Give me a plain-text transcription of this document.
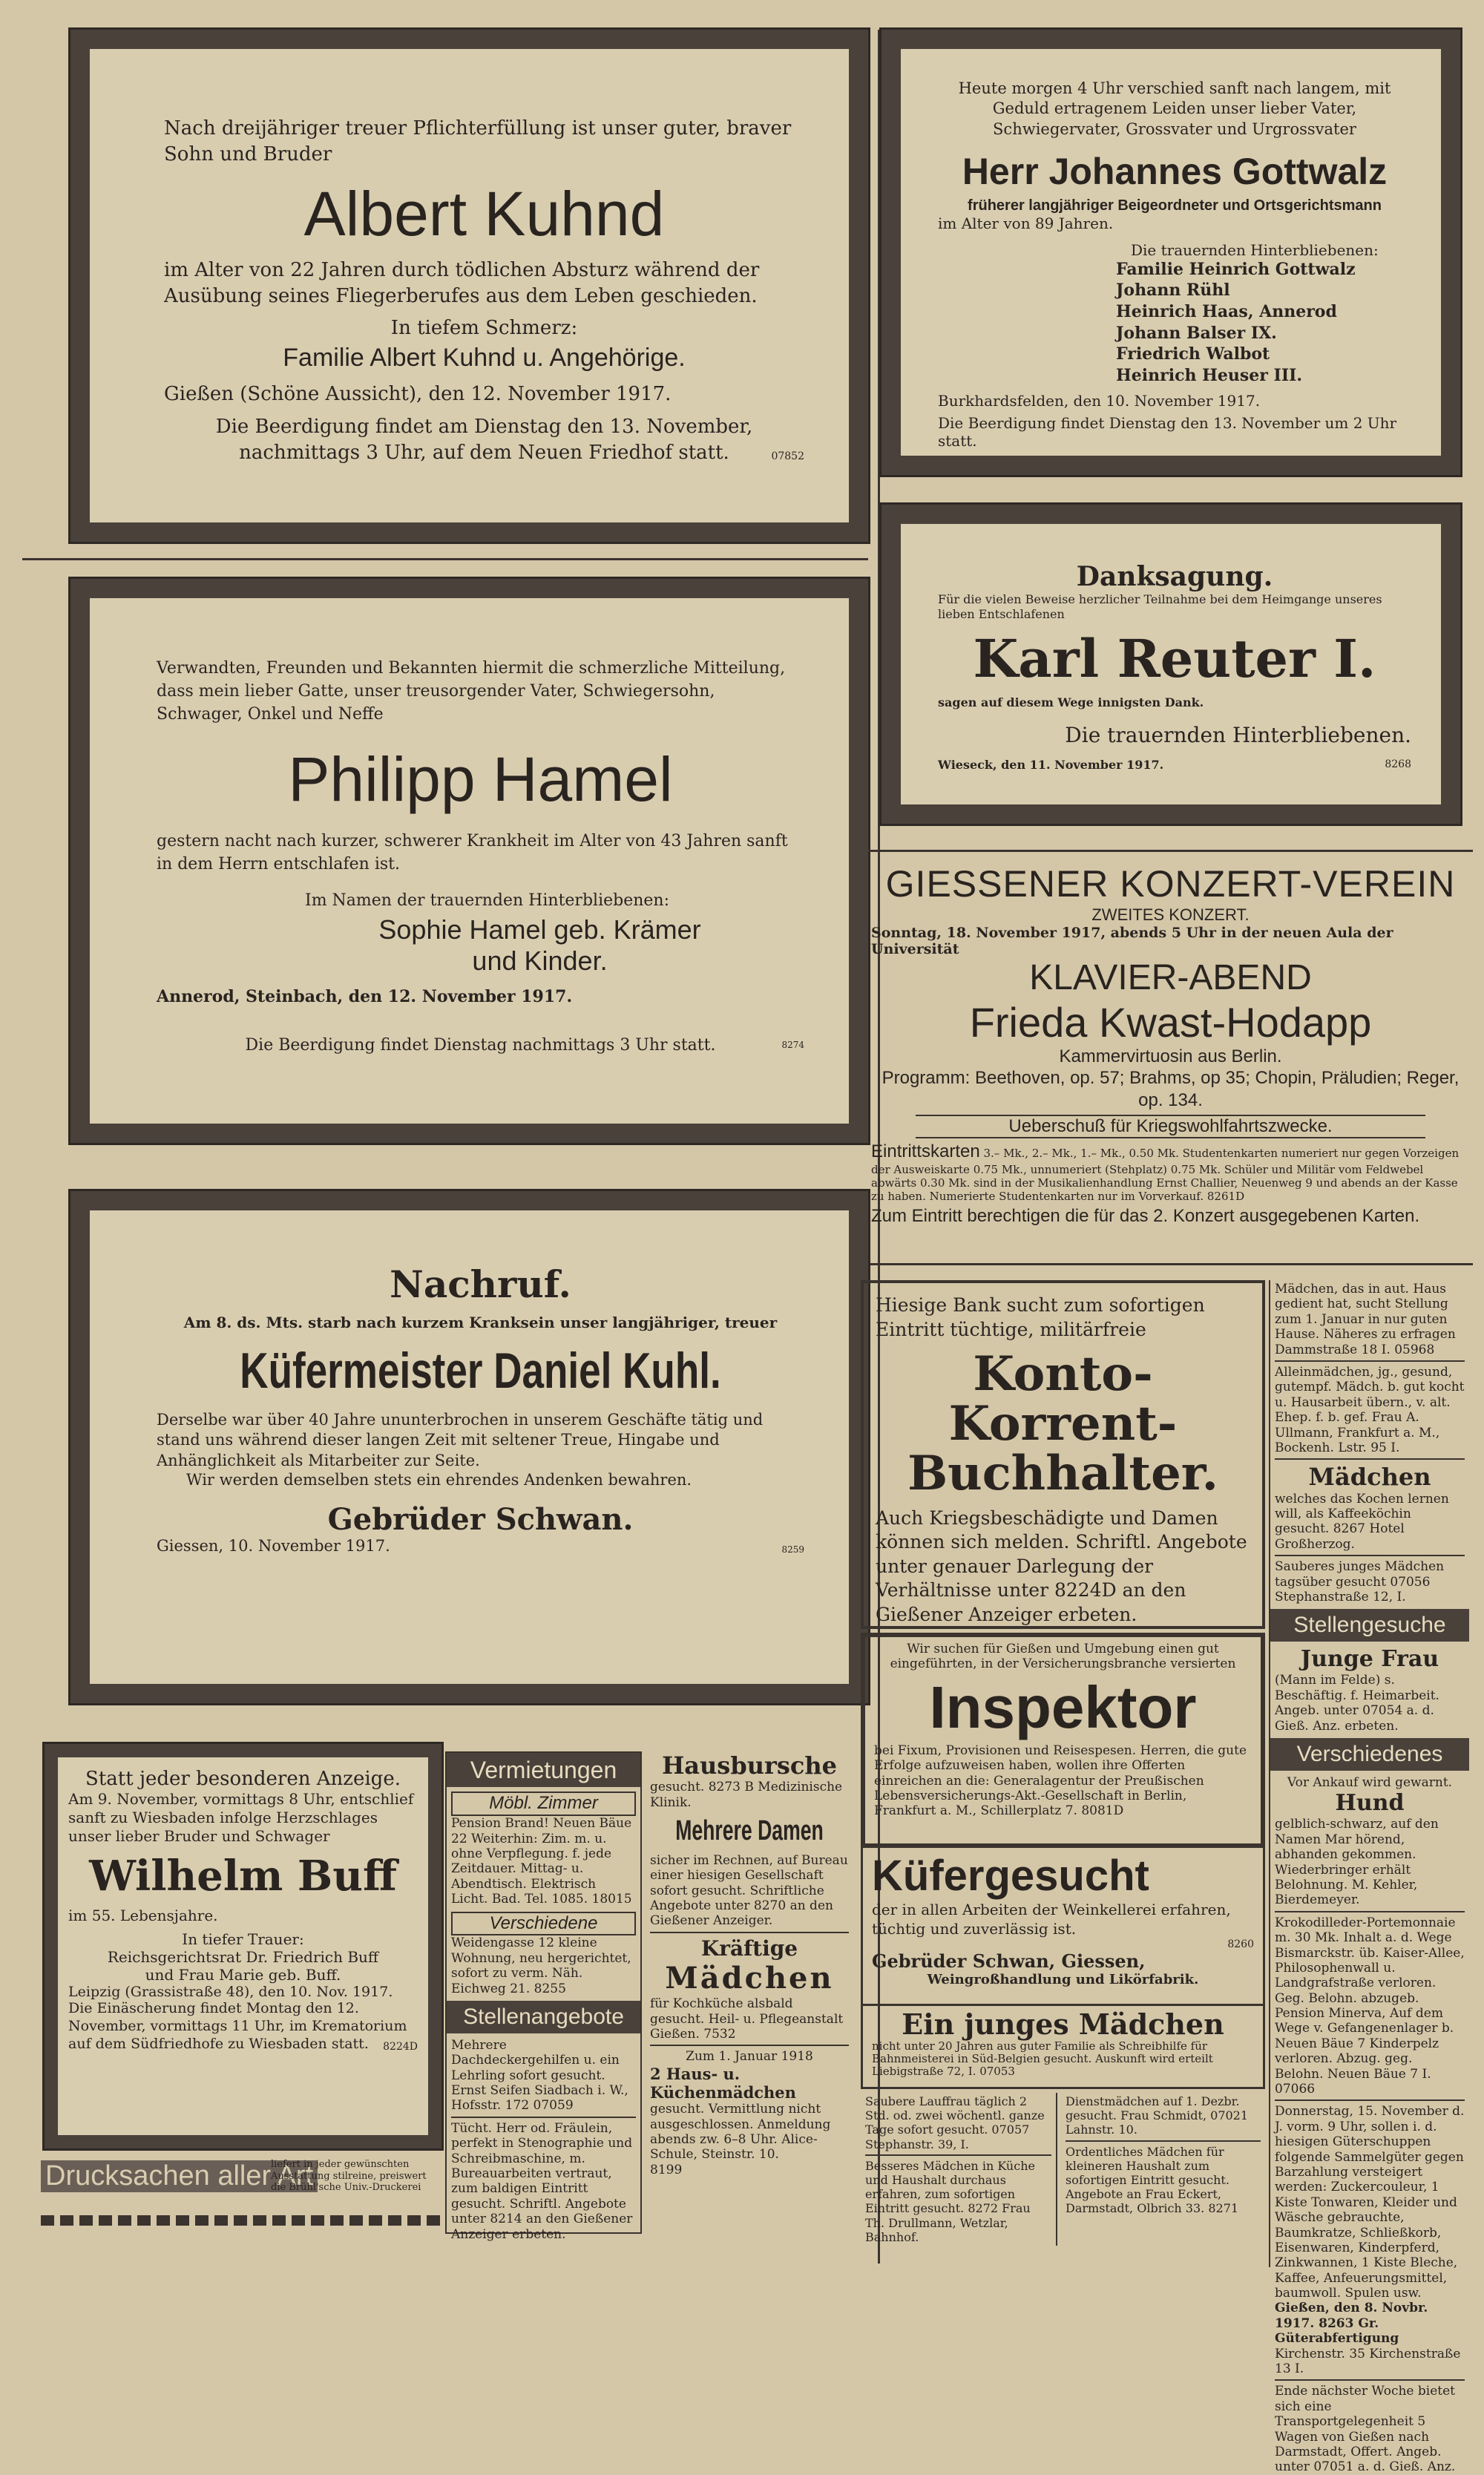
Nach dreijähriger treuer Pflichterfüllung ist unser guter, braver Sohn und Bruder

Albert Kuhnd

im Alter von 22 Jahren durch tödlichen Absturz während der Ausübung seines Fliegerberufes aus dem Leben geschieden.

In tiefem Schmerz:

Familie Albert Kuhnd u. Angehörige.

Gießen (Schöne Aussicht), den 12. November 1917.

Die Beerdigung findet am Dienstag den 13. November, nachmittags 3 Uhr, auf dem Neuen Friedhof statt.	07852

Heute morgen 4 Uhr verschied sanft nach langem, mit Geduld ertragenem Leiden unser lieber Vater, Schwiegervater, Grossvater und Urgrossvater

Herr Johannes Gottwalz

früherer langjähriger Beigeordneter und Ortsgerichtsmann

im Alter von 89 Jahren.

Die trauernden Hinterbliebenen:

Familie Heinrich Gottwalz

Johann Rühl

Heinrich Haas, Annerod

Johann Balser IX.

Friedrich Walbot

Heinrich Heuser III.

Burkhardsfelden, den 10. November 1917.

Die Beerdigung findet Dienstag den 13. November um 2 Uhr statt.

Verwandten, Freunden und Bekannten hiermit die schmerzliche Mitteilung, dass mein lieber Gatte, unser treusorgender Vater, Schwiegersohn, Schwager, Onkel und Neffe

Philipp Hamel

gestern nacht nach kurzer, schwerer Krankheit im Alter von 43 Jahren sanft in dem Herrn entschlafen ist.

Im Namen der trauernden Hinterbliebenen:

Sophie Hamel geb. Krämer

und Kinder.

Annerod, Steinbach, den 12. November 1917.

Die Beerdigung findet Dienstag nachmittags 3 Uhr statt.	8274

Danksagung.

Für die vielen Beweise herzlicher Teilnahme bei dem Heimgange unseres lieben Entschlafenen

Karl Reuter I.

sagen auf diesem Wege innigsten Dank.

Die trauernden Hinterbliebenen.

Wieseck, den 11. November 1917.	8268

GIESSENER KONZERT-VEREIN

ZWEITES KONZERT.

Sonntag, 18. November 1917, abends 5 Uhr in der neuen Aula der Universität

KLAVIER-ABEND

Frieda Kwast-Hodapp

Kammervirtuosin aus Berlin.

Programm: Beethoven, op. 57; Brahms, op 35; Chopin, Präludien; Reger, op. 134.

Ueberschuß für Kriegswohlfahrtszwecke.

Eintrittskarten 3.– Mk., 2.– Mk., 1.– Mk., 0.50 Mk. Studentenkarten numeriert nur gegen Vorzeigen der Ausweiskarte 0.75 Mk., unnumeriert (Stehplatz) 0.75 Mk. Schüler und Militär vom Feldwebel abwärts 0.30 Mk. sind in der Musikalienhandlung Ernst Challier, Neuenweg 9 und abends an der Kasse zu haben. Numerierte Studentenkarten nur im Vorverkauf. 8261D

Zum Eintritt berechtigen die für das 2. Konzert ausgegebenen Karten.

Nachruf.

Am 8. ds. Mts. starb nach kurzem Kranksein unser langjähriger, treuer

Küfermeister Daniel Kuhl.

Derselbe war über 40 Jahre ununterbrochen in unserem Geschäfte tätig und stand uns während dieser langen Zeit mit seltener Treue, Hingabe und Anhänglichkeit als Mitarbeiter zur Seite.

Wir werden demselben stets ein ehrendes Andenken bewahren.

Gebrüder Schwan.

Giessen, 10. November 1917.	8259

Hiesige Bank sucht zum sofortigen Eintritt tüchtige, militärfreie

Konto-Korrent-

Buchhalter.

Auch Kriegsbeschädigte und Damen können sich melden. Schriftl. Angebote unter genauer Darlegung der Verhältnisse unter 8224D an den Gießener Anzeiger erbeten.

Mädchen, das in aut. Haus gedient hat, sucht Stellung zum 1. Januar in nur guten Hause. Näheres zu erfragen Dammstraße 18 I. 05968

Alleinmädchen, jg., gesund, gutempf. Mädch. b. gut kocht u. Hausarbeit übern., v. alt. Ehep. f. b. gef. Frau A. Ullmann, Frankfurt a. M., Bockenh. Lstr. 95 I.

Mädchen

welches das Kochen lernen will, als Kaffeeköchin gesucht. 8267 Hotel Großherzog.

Sauberes junges Mädchen tagsüber gesucht 07056 Stephanstraße 12, I.

Stellengesuche

Junge Frau

(Mann im Felde) s. Beschäftig. f. Heimarbeit. Angeb. unter 07054 a. d. Gieß. Anz. erbeten.

Verschiedenes

Vor Ankauf wird gewarnt.

Hund

gelblich-schwarz, auf den Namen Mar hörend, abhanden gekommen. Wiederbringer erhält Belohnung. M. Kehler, Bierdemeyer.

Krokodilleder-Portemonnaie m. 30 Mk. Inhalt a. d. Wege Bismarckstr. üb. Kaiser-Allee, Philosophenwall u. Landgrafstraße verloren. Geg. Belohn. abzugeb. Pension Minerva, Auf dem Wege v. Gefangenenlager b. Neuen Bäue 7 Kinderpelz verloren. Abzug. geg. Belohn. Neuen Bäue 7 I. 07066

Donnerstag, 15. November d. J. vorm. 9 Uhr, sollen i. d. hiesigen Güterschuppen folgende Sammelgüter gegen Barzahlung versteigert werden: Zuckercouleur, 1 Kiste Tonwaren, Kleider und Wäsche gebrauchte, Baumkratze, Schließkorb, Eisenwaren, Kinderpferd, Zinkwannen, 1 Kiste Bleche, Kaffee, Anfeuerungsmittel, baumwoll. Spulen usw.

Gießen, den 8. Novbr. 1917. 8263 Gr. Güterabfertigung

Kirchenstr. 35 Kirchenstraße 13 I.

Ende nächster Woche bietet sich eine Transportgelegenheit 5 Wagen von Gießen nach Darmstadt, Offert. Angeb. unter 07051 a. d. Gieß. Anz.

Statt jeder besonderen Anzeige.

Am 9. November, vormittags 8 Uhr, entschlief sanft zu Wiesbaden infolge Herzschlages unser lieber Bruder und Schwager

Wilhelm Buff

im 55. Lebensjahre.

In tiefer Trauer:

Reichsgerichtsrat Dr. Friedrich Buff

und Frau Marie geb. Buff.

Leipzig (Grassistraße 48), den 10. Nov. 1917.

Die Einäscherung findet Montag den 12. November, vormittags 11 Uhr, im Krematorium auf dem Südfriedhofe zu Wiesbaden statt.	8224D

Drucksachen aller Art
liefert in jeder gewünschten Ausstattung stilreine, preiswert die Brühl'sche Univ.-Druckerei
Vermietungen

Möbl. Zimmer

Pension Brand! Neuen Bäue 22 Weiterhin: Zim. m. u. ohne Verpflegung. f. jede Zeitdauer. Mittag- u. Abendtisch. Elektrisch Licht. Bad. Tel. 1085. 18015

Verschiedene

Weidengasse 12 kleine Wohnung, neu hergerichtet, sofort zu verm. Näh. Eichweg 21. 8255

Stellenangebote

Mehrere Dachdeckergehilfen u. ein Lehrling sofort gesucht. Ernst Seifen Siadbach i. W., Hofsstr. 172 07059

Tücht. Herr od. Fräulein, perfekt in Stenographie und Schreibmaschine, m. Bureauarbeiten vertraut, zum baldigen Eintritt gesucht. Schriftl. Angebote unter 8214 an den Gießener Anzeiger erbeten.

Hausbursche

gesucht. 8273 B Medizinische Klinik.

Mehrere Damen

sicher im Rechnen, auf Bureau einer hiesigen Gesellschaft sofort gesucht. Schriftliche Angebote unter 8270 an den Gießener Anzeiger.

Kräftige

Mädchen

für Kochküche alsbald gesucht. Heil- u. Pflegeanstalt Gießen. 7532

Zum 1. Januar 1918

2 Haus- u. Küchenmädchen

gesucht. Vermittlung nicht ausgeschlossen. Anmeldung abends zw. 6–8 Uhr. Alice-Schule, Steinstr. 10.

8199

Wir suchen für Gießen und Umgebung einen gut eingeführten, in der Versicherungsbranche versierten

Inspektor

bei Fixum, Provisionen und Reisespesen. Herren, die gute Erfolge aufzuweisen haben, wollen ihre Offerten einreichen an die: Generalagentur der Preußischen Lebensversicherungs-Akt.-Gesellschaft in Berlin, Frankfurt a. M., Schillerplatz 7. 8081D

Küfergesucht

der in allen Arbeiten der Weinkellerei erfahren, tüchtig und zuverlässig ist.

8260

Gebrüder Schwan, Giessen,

Weingroßhandlung und Likörfabrik.

Ein junges Mädchen

nicht unter 20 Jahren aus guter Familie als Schreibhilfe für Bahnmeisterei in Süd-Belgien gesucht. Auskunft wird erteilt Liebigstraße 72, I. 07053

Saubere Lauffrau täglich 2 Std. od. zwei wöchentl. ganze Tage sofort gesucht. 07057 Stephanstr. 39, I.

Besseres Mädchen in Küche und Haushalt durchaus erfahren, zum sofortigen Eintritt gesucht. 8272 Frau Th. Drullmann, Wetzlar, Bahnhof.

Dienstmädchen auf 1. Dezbr. gesucht. Frau Schmidt, 07021 Lahnstr. 10.

Ordentliches Mädchen für kleineren Haushalt zum sofortigen Eintritt gesucht. Angebote an Frau Eckert, Darmstadt, Olbrich 33. 8271
